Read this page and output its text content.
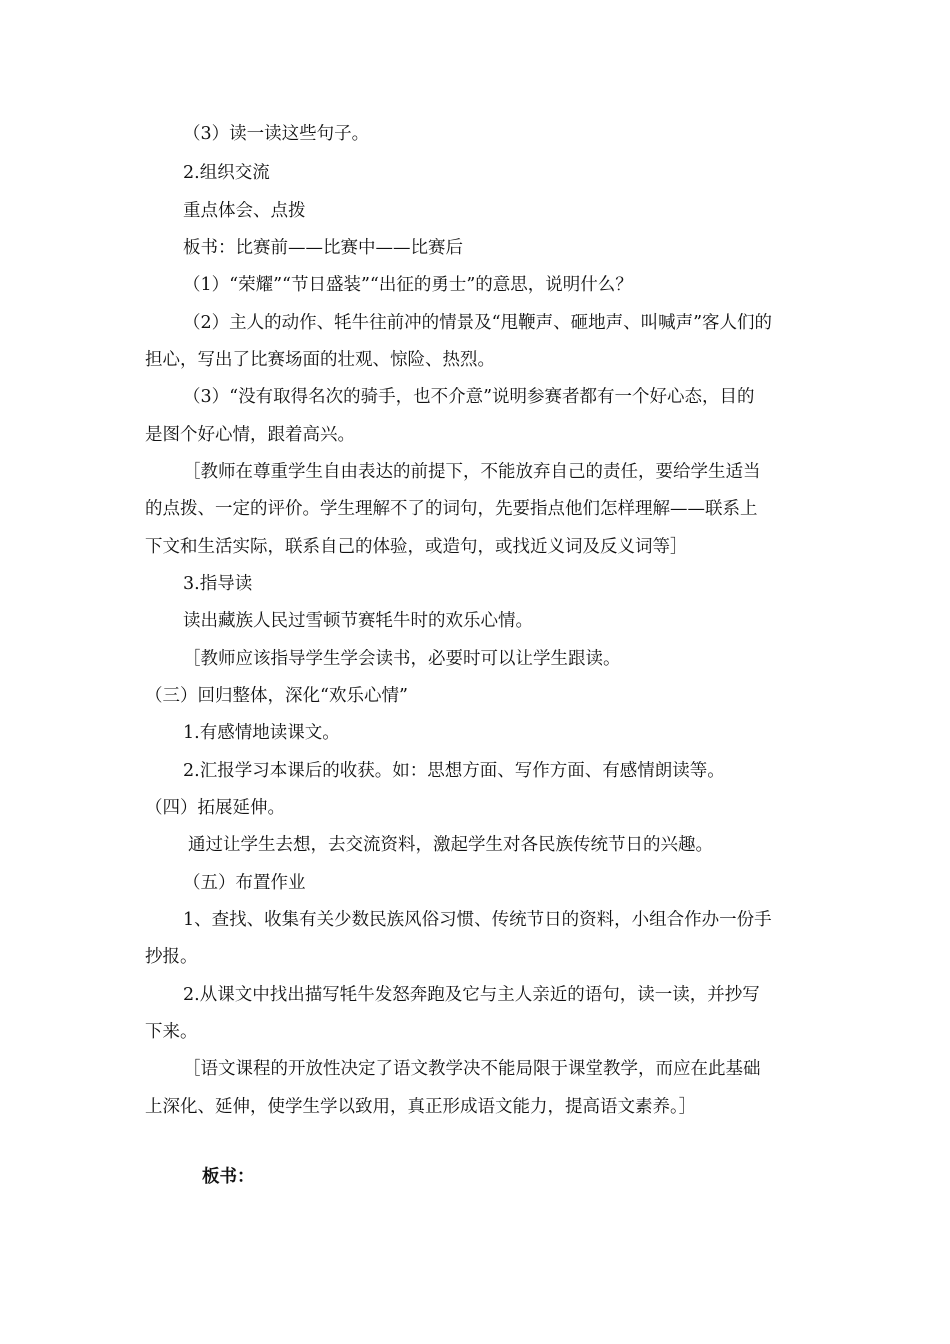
（3）读一读这些句子。
2.组织交流
重点体会、点拨
板书：比赛前——比赛中——比赛后
（1）“荣耀”“节日盛装”“出征的勇士”的意思，说明什么？
（2）主人的动作、牦牛往前冲的情景及“甩鞭声、砸地声、叫喊声”客人们的
担心，写出了比赛场面的壮观、惊险、热烈。
（3）“没有取得名次的骑手，也不介意”说明参赛者都有一个好心态，目的
是图个好心情，跟着高兴。
［教师在尊重学生自由表达的前提下，不能放弃自己的责任，要给学生适当
的点拨、一定的评价。学生理解不了的词句，先要指点他们怎样理解——联系上
下文和生活实际，联系自己的体验，或造句，或找近义词及反义词等］
3.指导读
读出藏族人民过雪顿节赛牦牛时的欢乐心情。
［教师应该指导学生学会读书，必要时可以让学生跟读。
（三）回归整体，深化“欢乐心情”
1.有感情地读课文。
2.汇报学习本课后的收获。如：思想方面、写作方面、有感情朗读等。
（四）拓展延伸。
通过让学生去想，去交流资料，激起学生对各民族传统节日的兴趣。
（五）布置作业
1、查找、收集有关少数民族风俗习惯、传统节日的资料，小组合作办一份手
抄报。
2.从课文中找出描写牦牛发怒奔跑及它与主人亲近的语句，读一读，并抄写
下来。
［语文课程的开放性决定了语文教学决不能局限于课堂教学，而应在此基础
上深化、延伸，使学生学以致用，真正形成语文能力，提高语文素养。］
板书：
